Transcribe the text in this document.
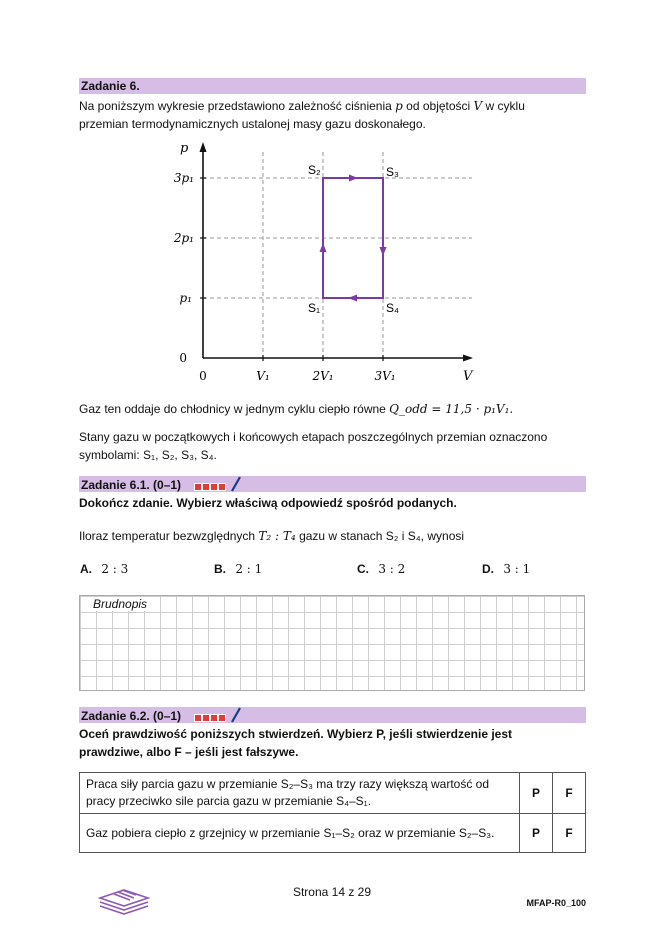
Zadanie 6.
Na poniższym wykresie przedstawiono zależność ciśnienia p od objętości V w cyklu
przemian termodynamicznych ustalonej masy gazu doskonałego.
p
V
3p₁
2p₁
p₁
0
0	V₁	2V₁	3V₁
S₂	S₃
S₁	S₄
Gaz ten oddaje do chłodnicy w jednym cyklu ciepło równe Q_odd = 11,5 · p₁V₁.
Stany gazu w początkowych i końcowych etapach poszczególnych przemian oznaczono
symbolami: S₁, S₂, S₃, S₄.
Zadanie 6.1. (0–1)
Dokończ zdanie. Wybierz właściwą odpowiedź spośród podanych.
Iloraz temperatur bezwzględnych T₂ : T₄ gazu w stanach S₂ i S₄, wynosi
A. 2 : 3	B. 2 : 1	C. 3 : 2	D. 3 : 1
Brudnopis
Zadanie 6.2. (0–1)
Oceń prawdziwość poniższych stwierdzeń. Wybierz P, jeśli stwierdzenie jest
prawdziwe, albo F – jeśli jest fałszywe.
Praca siły parcia gazu w przemianie S₂–S₃ ma trzy razy większą wartość od pracy przeciwko sile parcia gazu w przemianie S₄–S₁.	P	F
Gaz pobiera ciepło z grzejnicy w przemianie S₁–S₂ oraz w przemianie S₂–S₃.	P	F
Strona 14 z 29
MFAP-R0_100
